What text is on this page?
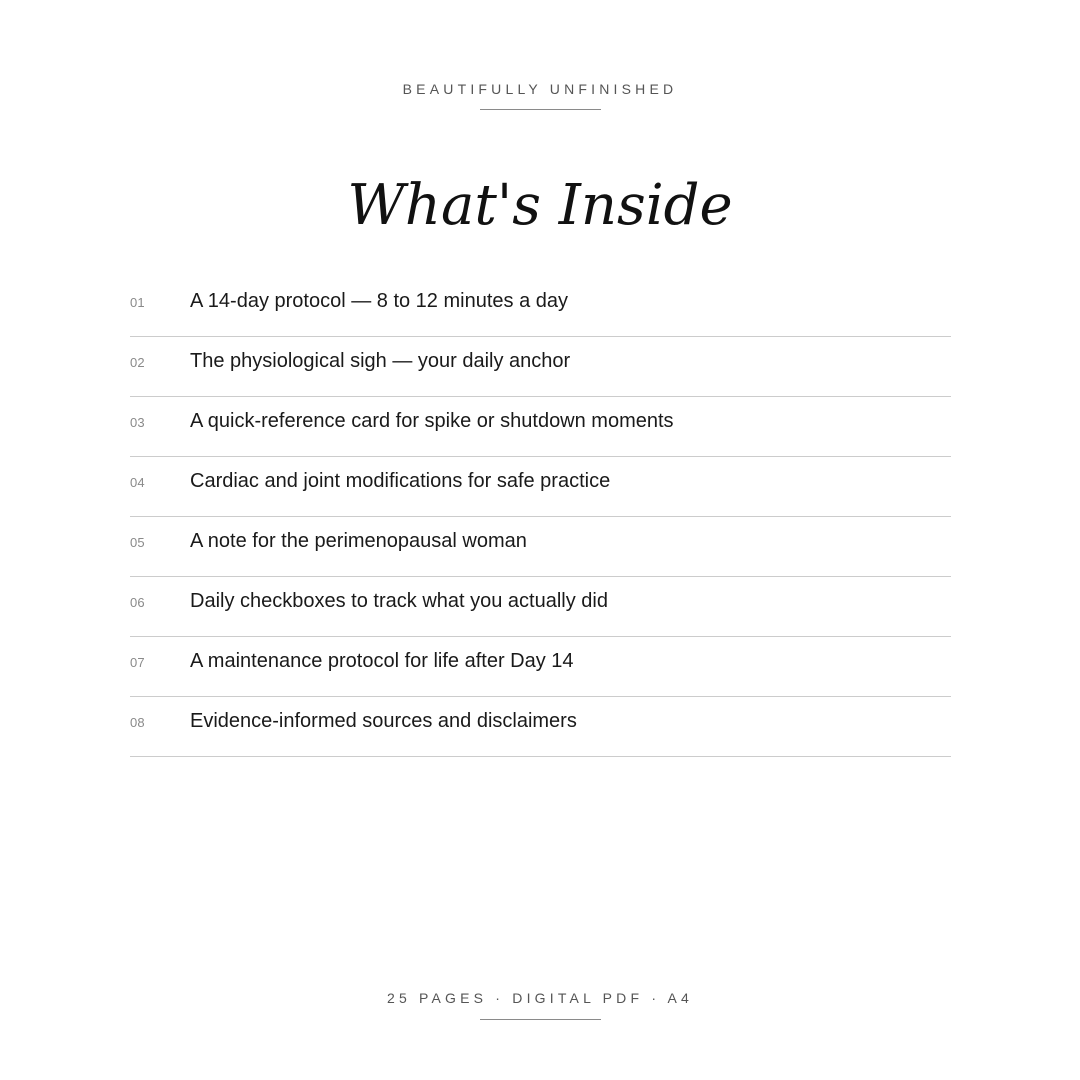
BEAUTIFULLY UNFINISHED
What's Inside
01 A 14-day protocol — 8 to 12 minutes a day
02 The physiological sigh — your daily anchor
03 A quick-reference card for spike or shutdown moments
04 Cardiac and joint modifications for safe practice
05 A note for the perimenopausal woman
06 Daily checkboxes to track what you actually did
07 A maintenance protocol for life after Day 14
08 Evidence-informed sources and disclaimers
25 PAGES · DIGITAL PDF · A4
